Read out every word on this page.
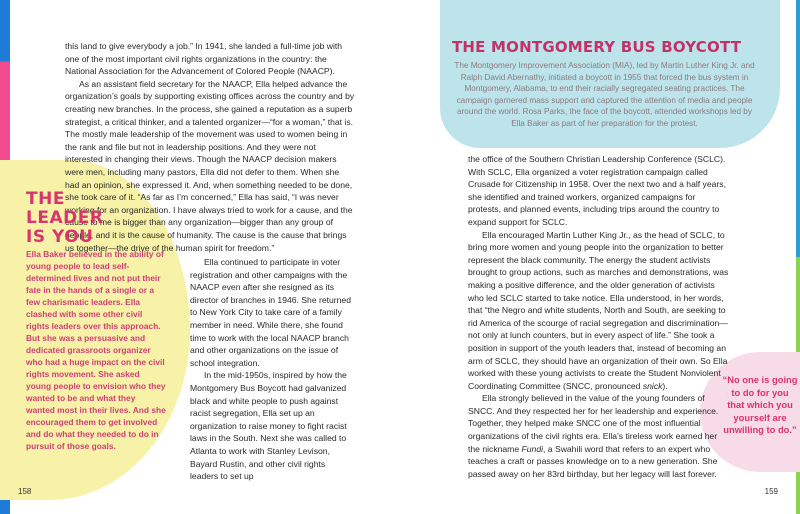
this land to give everybody a job.” In 1941, she landed a full-time job with one of the most important civil rights organizations in the country: the National Association for the Advancement of Colored People (NAACP).

As an assistant field secretary for the NAACP, Ella helped advance the organization’s goals by supporting existing offices across the country and by creating new branches. In the process, she gained a reputation as a superb strategist, a critical thinker, and a talented organizer—“for a woman,” that is. The mostly male leadership of the movement was used to women being in the rank and file but not in leadership positions. And they were not interested in changing their views. Though the NAACP decision makers were men, including many pastors, Ella did not defer to them. When she had an opinion, she expressed it. And, when something needed to be done, she took care of it. “As far as I’m concerned,” Ella has said, “I was never working for an organization. I have always tried to work for a cause, and the cause to me is bigger than any organization—bigger than any group of people, and it is the cause of humanity. The cause is the cause that brings us together—the drive of the human spirit for freedom.”

Ella continued to participate in voter registration and other campaigns with the NAACP even after she resigned as its director of branches in 1946. She returned to New York City to take care of a family member in need. While there, she found time to work with the local NAACP branch and other organizations on the issue of school integration.

In the mid-1950s, inspired by how the Montgomery Bus Boycott had galvanized black and white people to push against racist segregation, Ella set up an organization to raise money to fight racist laws in the South. Next she was called to Atlanta to work with Stanley Levison, Bayard Rustin, and other civil rights leaders to set up

THE
LEADER
IS YOU
Ella Baker believed in the ability of young people to lead self-determined lives and not put their fate in the hands of a single or a few charismatic leaders. Ella clashed with some other civil rights leaders over this approach. But she was a persuasive and dedicated grassroots organizer who had a huge impact on the civil rights movement. She asked young people to envision who they wanted to be and what they wanted most in their lives. And she encouraged them to get involved and do what they needed to do in pursuit of those goals.
THE MONTGOMERY BUS BOYCOTT
The Montgomery Improvement Association (MIA), led by Martin Luther King Jr. and Ralph David Abernathy, initiated a boycott in 1955 that forced the bus system in Montgomery, Alabama, to end their racially segregated seating practices. The campaign garnered mass support and captured the attention of media and people around the world. Rosa Parks, the face of the boycott, attended workshops led by Ella Baker as part of her preparation for the protest.

the office of the Southern Christian Leadership Conference (SCLC). With SCLC, Ella organized a voter registration campaign called Crusade for Citizenship in 1958. Over the next two and a half years, she identified and trained workers, organized campaigns for protests, and planned events, including trips around the country to expand support for SCLC.

Ella encouraged Martin Luther King Jr., as the head of SCLC, to bring more women and young people into the organization to better represent the black community. The energy the student activists brought to group actions, such as marches and demonstrations, was making a positive difference, and the older generation of activists who led SCLC started to take notice. Ella understood, in her words, that “the Negro and white students, North and South, are seeking to rid America of the scourge of racial segregation and discrimination—not only at lunch counters, but in every aspect of life.” She took a position in support of the youth leaders that, instead of becoming an arm of SCLC, they should have an organization of their own. So Ella worked with these young activists to create the Student Nonviolent Coordinating Committee (SNCC, pronounced snick).

Ella strongly believed in the value of the young founders of SNCC. And they respected her for her leadership and experience. Together, they helped make SNCC one of the most influential organizations of the civil rights era. Ella’s tireless work earned her the nickname Fundi, a Swahili word that refers to an expert who teaches a craft or passes knowledge on to a new generation. She passed away on her 83rd birthday, but her legacy will last forever.

“No one is going to do for you that which you yourself are unwilling to do.”
158	159
